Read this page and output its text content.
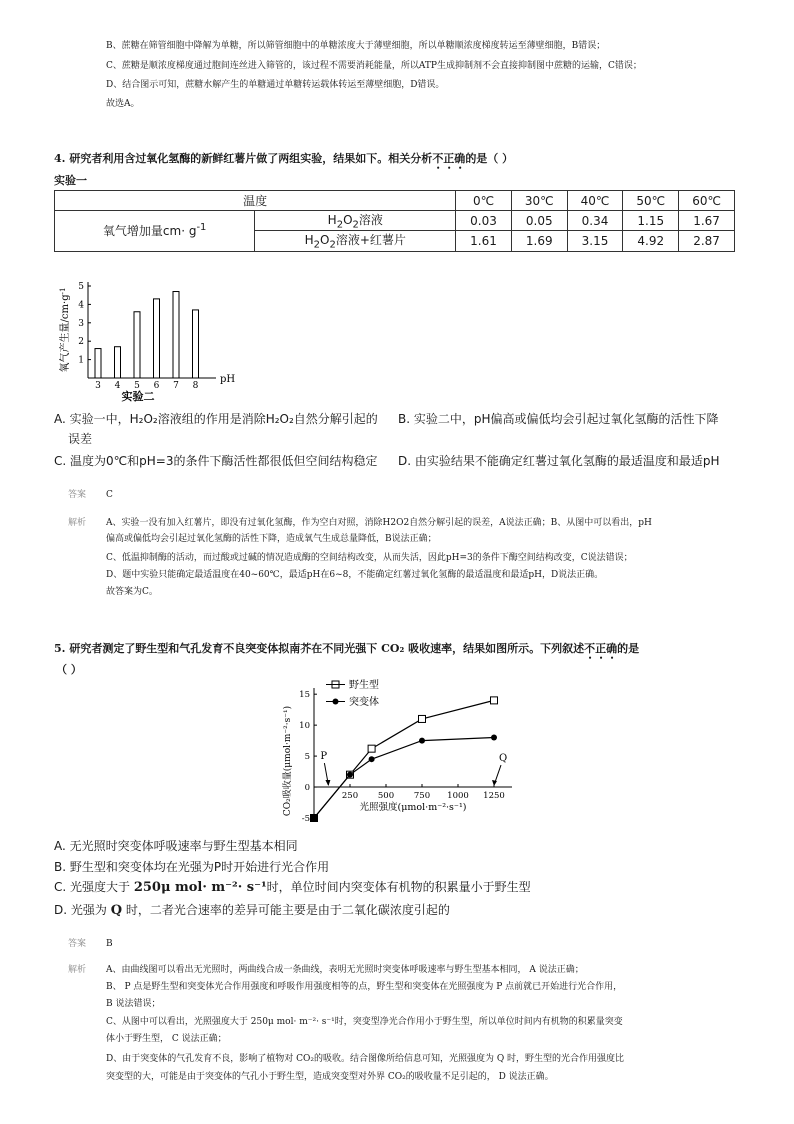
B、蔗糖在筛管细胞中降解为单糖，所以筛管细胞中的单糖浓度大于薄壁细胞，所以单糖顺浓度梯度转运至薄壁细胞，B错误；
C、蔗糖是顺浓度梯度通过胞间连丝进入筛管的，该过程不需要消耗能量，所以ATP生成抑制剂不会直接抑制图中蔗糖的运输，C错误；
D、结合图示可知，蔗糖水解产生的单糖通过单糖转运载体转运至薄壁细胞，D错误。
故选A。
4. 研究者利用含过氧化氢酶的新鲜红薯片做了两组实验，结果如下。相关分析不正确的是（ ）
实验一
温度		0℃	30℃	40℃	50℃	60℃
氧气增加量$cm\cdot g^{-1}$	$H_2O_2$溶液	0.03	0.05	0.34	1.15	1.67
	$H_2O_2$溶液+红薯片	1.61	1.69	3.15	4.92	2.87
1
2
3
4
5
3 4 5 6 7 8
pH
实验二
氧气产生量$/cm\cdot g^{-1}$
A. 实验一中，H₂O₂溶液组的作用是消除H₂O₂自然分解引起的 B. 实验二中，pH偏高或偏低均会引起过氧化氢酶的活性下降
误差
C. 温度为0℃和pH=3的条件下酶活性都很低但空间结构稳定 D. 由实验结果不能确定红薯过氧化氢酶的最适温度和最适pH
答案 C
解析 A、实验一没有加入红薯片，即没有过氧化氢酶，作为空白对照，消除H2O2自然分解引起的误差，A说法正确；B、从图中可以看出，pH
偏高或偏低均会引起过氧化氢酶的活性下降，造成氧气生成总量降低，B说法正确；
C、低温抑制酶的活动，而过酸或过碱的情况造成酶的空间结构改变，从而失活，因此pH=3的条件下酶空间结构改变，C说法错误；
D、题中实验只能确定最适温度在40~60℃，最适pH在6~8，不能确定红薯过氧化氢酶的最适温度和最适pH，D说法正确。
故答案为C。
5. 研究者测定了野生型和气孔发育不良突变体拟南芥在不同光强下 CO₂ 吸收速率，结果如图所示。下列叙述不正确的是
（ ）
250 500 750 1000 1250
-5
0
5
10
15
野生型
突变体
P	Q
光照强度(μmol·m⁻²·s⁻¹)
CO₂吸收量(μmol·m⁻²·s⁻¹)
A. 无光照时突变体呼吸速率与野生型基本相同
B. 野生型和突变体均在光强为P时开始进行光合作用
C. 光强度大于 250μ mol· m⁻²· s⁻¹时，单位时间内突变体有机物的积累量小于野生型
D. 光强为 Q 时，二者光合速率的差异可能主要是由于二氧化碳浓度引起的
答案 B
解析 A、由曲线图可以看出无光照时，两曲线合成一条曲线，表明无光照时突变体呼吸速率与野生型基本相同， A 说法正确；
B、 P 点是野生型和突变体光合作用强度和呼吸作用强度相等的点，野生型和突变体在光照强度为 P 点前就已开始进行光合作用，
B 说法错误；
C、从图中可以看出，光照强度大于 250μ mol· m⁻²· s⁻¹时，突变型净光合作用小于野生型，所以单位时间内有机物的积累量突变
体小于野生型， C 说法正确；
D、由于突变体的气孔发育不良，影响了植物对 CO₂的吸收。结合图像所给信息可知，光照强度为 Q 时，野生型的光合作用强度比
突变型的大，可能是由于突变体的气孔小于野生型，造成突变型对外界 CO₂的吸收量不足引起的， D 说法正确。
